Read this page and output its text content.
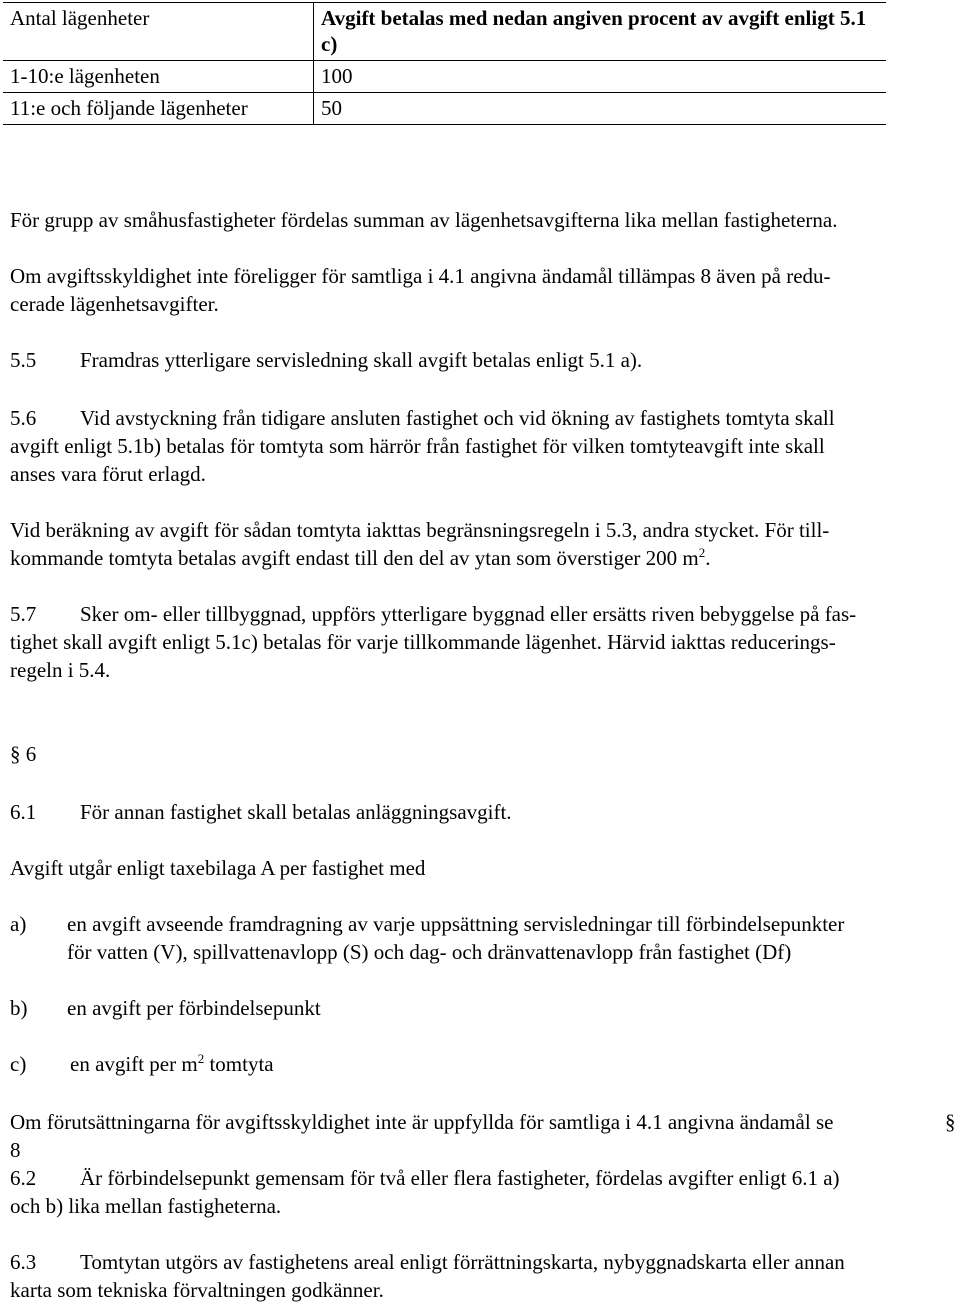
Antal lägenheter	Avgift betalas med nedan angiven procent av avgift enligt 5.1 c)
1-10:e lägenheten	100
11:e och följande lägenheter	50

För grupp av småhusfastigheter fördelas summan av lägenhetsavgifterna lika mellan fastigheterna.

Om avgiftsskyldighet inte föreligger för samtliga i 4.1 angivna ändamål tillämpas 8 även på redu-
cerade lägenhetsavgifter.

5.5 Framdras ytterligare servisledning skall avgift betalas enligt 5.1 a).

5.6 Vid avstyckning från tidigare ansluten fastighet och vid ökning av fastighets tomtyta skall
avgift enligt 5.1b) betalas för tomtyta som härrör från fastighet för vilken tomtyteavgift inte skall
anses vara förut erlagd.

Vid beräkning av avgift för sådan tomtyta iakttas begränsningsregeln i 5.3, andra stycket. För till-
kommande tomtyta betalas avgift endast till den del av ytan som överstiger 200 $m^2$.

5.7 Sker om- eller tillbyggnad, uppförs ytterligare byggnad eller ersätts riven bebyggelse på fas-
tighet skall avgift enligt 5.1c) betalas för varje tillkommande lägenhet. Härvid iakttas reducerings-
regeln i 5.4.

§ 6

6.1 För annan fastighet skall betalas anläggningsavgift.

Avgift utgår enligt taxebilaga A per fastighet med

a)	en avgift avseende framdragning av varje uppsättning servisledningar till förbindelsepunkter
för vatten (V), spillvattenavlopp (S) och dag- och dränvattenavlopp från fastighet (Df)
b)	en avgift per förbindelsepunkt
c)	en avgift per $m^2$ tomtyta

Om förutsättningarna för avgiftsskyldighet inte är uppfyllda för samtliga i 4.1 angivna ändamål se
8

§

6.2 Är förbindelsepunkt gemensam för två eller flera fastigheter, fördelas avgifter enligt 6.1 a)
och b) lika mellan fastigheterna.

6.3 Tomtytan utgörs av fastighetens areal enligt förrättningskarta, nybyggnadskarta eller annan
karta som tekniska förvaltningen godkänner.
